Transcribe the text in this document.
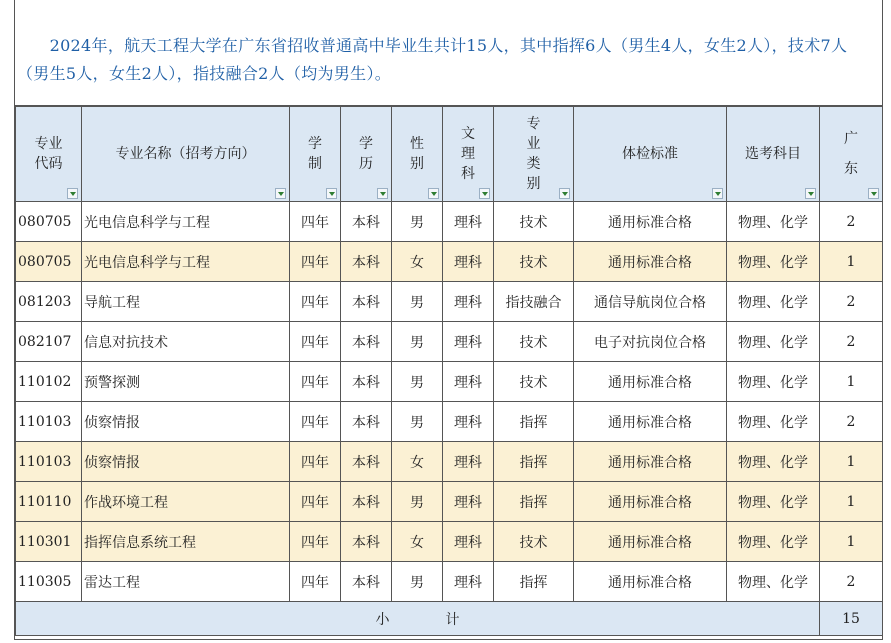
　　2024年，航天工程大学在广东省招收普通高中毕业生共计15人，其中指挥6人（男生4人，女生2人），技术7人（男生5人，女生2人），指技融合2人（均为男生）。
专业代码	专业名称（招考方向）	学制	学历	性别	文理科	专业类别	体检标准	选考科目	广东

080705	光电信息科学与工程	四年	本科	男	理科	技术	通用标准合格	物理、化学	2
080705	光电信息科学与工程	四年	本科	女	理科	技术	通用标准合格	物理、化学	1
081203	导航工程	四年	本科	男	理科	指技融合	通信导航岗位合格	物理、化学	2
082107	信息对抗技术	四年	本科	男	理科	技术	电子对抗岗位合格	物理、化学	2
110102	预警探测	四年	本科	男	理科	技术	通用标准合格	物理、化学	1
110103	侦察情报	四年	本科	男	理科	指挥	通用标准合格	物理、化学	2
110103	侦察情报	四年	本科	女	理科	指挥	通用标准合格	物理、化学	1
110110	作战环境工程	四年	本科	男	理科	指挥	通用标准合格	物理、化学	1
110301	指挥信息系统工程	四年	本科	女	理科	技术	通用标准合格	物理、化学	1
110305	雷达工程	四年	本科	男	理科	指挥	通用标准合格	物理、化学	2
小　　　　计									15
